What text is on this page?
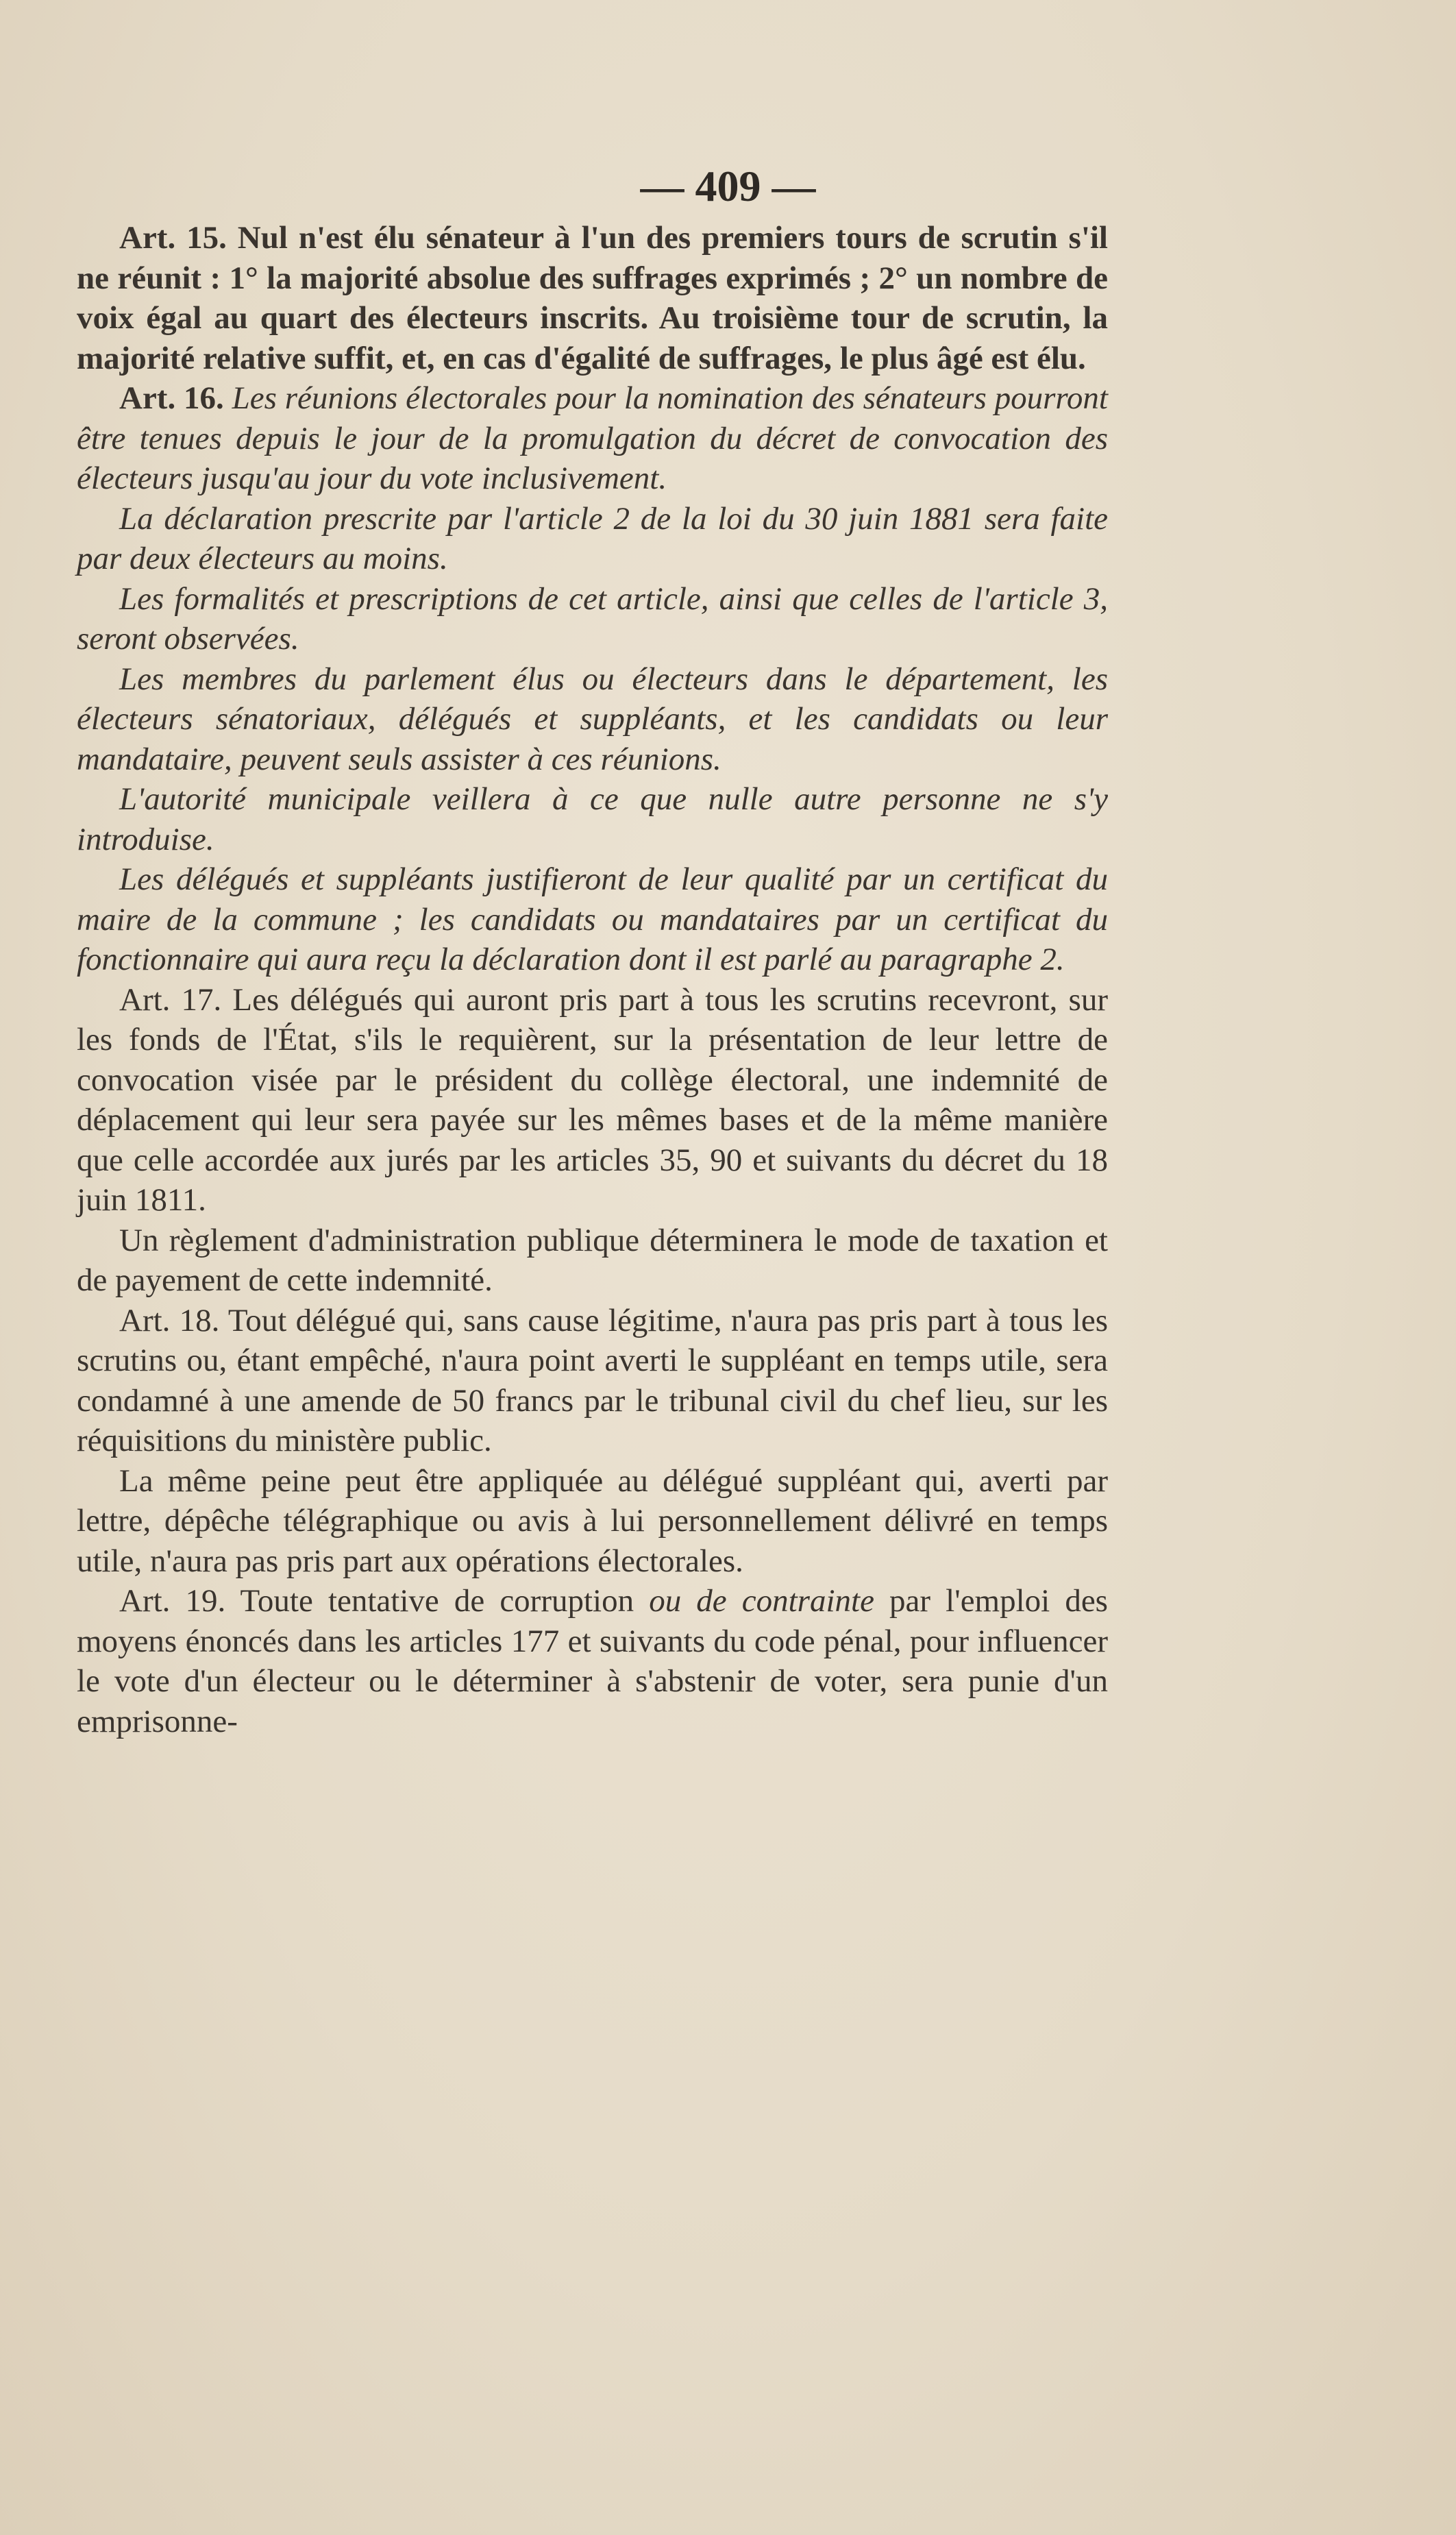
— 409 —

Art. 15. Nul n'est élu sénateur à l'un des premiers tours de scrutin s'il ne réunit : 1° la majorité absolue des suffrages exprimés ; 2° un nombre de voix égal au quart des électeurs inscrits. Au troisième tour de scrutin, la majorité relative suffit, et, en cas d'égalité de suffrages, le plus âgé est élu.

Art. 16. Les réunions électorales pour la nomination des sénateurs pourront être tenues depuis le jour de la promulgation du décret de convocation des électeurs jusqu'au jour du vote inclusivement.

La déclaration prescrite par l'article 2 de la loi du 30 juin 1881 sera faite par deux électeurs au moins.

Les formalités et prescriptions de cet article, ainsi que celles de l'article 3, seront observées.

Les membres du parlement élus ou électeurs dans le département, les électeurs sénatoriaux, délégués et suppléants, et les candidats ou leur mandataire, peuvent seuls assister à ces réunions.

L'autorité municipale veillera à ce que nulle autre personne ne s'y introduise.

Les délégués et suppléants justifieront de leur qualité par un certificat du maire de la commune ; les candidats ou mandataires par un certificat du fonctionnaire qui aura reçu la déclaration dont il est parlé au paragraphe 2.

Art. 17. Les délégués qui auront pris part à tous les scrutins recevront, sur les fonds de l'État, s'ils le requièrent, sur la présentation de leur lettre de convocation visée par le président du collège électoral, une indemnité de déplacement qui leur sera payée sur les mêmes bases et de la même manière que celle accordée aux jurés par les articles 35, 90 et suivants du décret du 18 juin 1811.

Un règlement d'administration publique déterminera le mode de taxation et de payement de cette indemnité.

Art. 18. Tout délégué qui, sans cause légitime, n'aura pas pris part à tous les scrutins ou, étant empêché, n'aura point averti le suppléant en temps utile, sera condamné à une amende de 50 francs par le tribunal civil du chef lieu, sur les réquisitions du ministère public.

La même peine peut être appliquée au délégué suppléant qui, averti par lettre, dépêche télégraphique ou avis à lui personnellement délivré en temps utile, n'aura pas pris part aux opérations électorales.

Art. 19. Toute tentative de corruption ou de contrainte par l'emploi des moyens énoncés dans les articles 177 et suivants du code pénal, pour influencer le vote d'un électeur ou le déterminer à s'abstenir de voter, sera punie d'un emprisonne-
